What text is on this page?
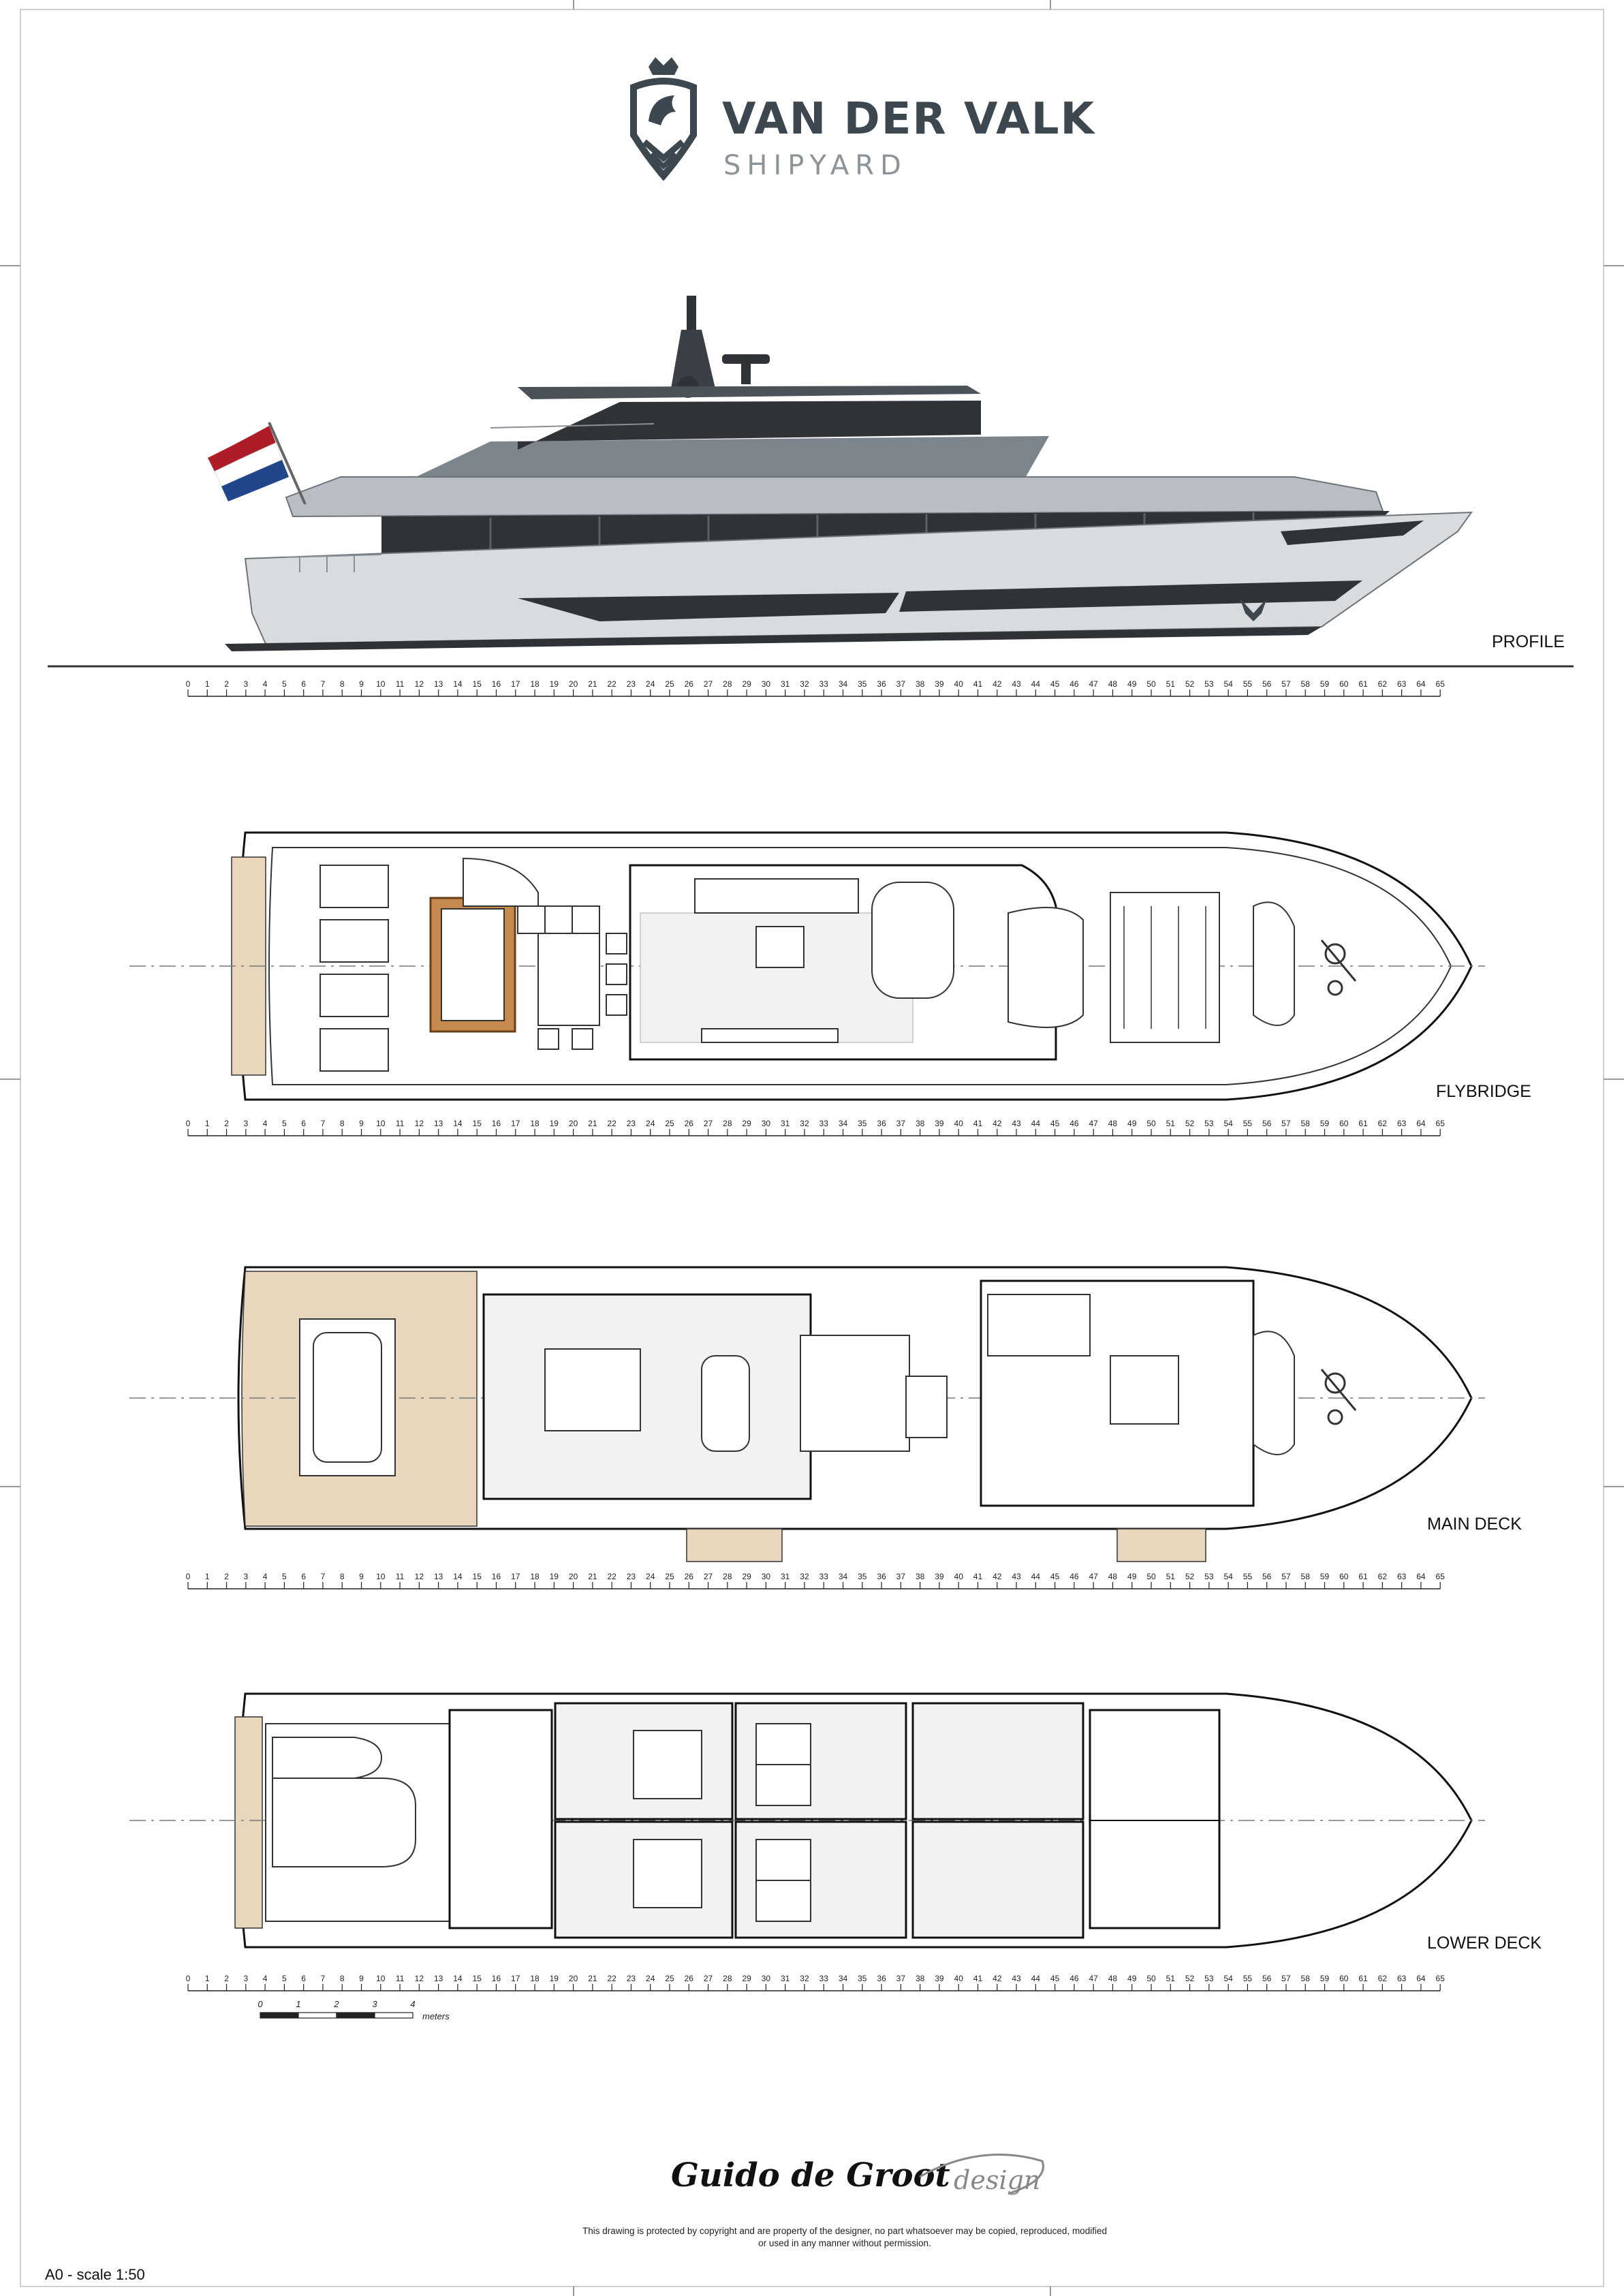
VAN DER VALK
SHIPYARD
PROFILE
FLYBRIDGE
MAIN DECK
LOWER DECK
0 1 2 3 4 5 6 7 8 9 10 11 12 13 14 15 16 17 18 19 20 21 22 23 24 25 26 27 28 29 30 31 32 33 34 35 36 37 38 39 40 41 42 43 44 45 46 47 48 49 50 51 52 53 54 55 56 57 58 59 60 61 62 63 64 65
0 1 2 3 4 5 6 7 8 9 10 11 12 13 14 15 16 17 18 19 20 21 22 23 24 25 26 27 28 29 30 31 32 33 34 35 36 37 38 39 40 41 42 43 44 45 46 47 48 49 50 51 52 53 54 55 56 57 58 59 60 61 62 63 64 65
0 1 2 3 4 5 6 7 8 9 10 11 12 13 14 15 16 17 18 19 20 21 22 23 24 25 26 27 28 29 30 31 32 33 34 35 36 37 38 39 40 41 42 43 44 45 46 47 48 49 50 51 52 53 54 55 56 57 58 59 60 61 62 63 64 65
0 1 2 3 4 5 6 7 8 9 10 11 12 13 14 15 16 17 18 19 20 21 22 23 24 25 26 27 28 29 30 31 32 33 34 35 36 37 38 39 40 41 42 43 44 45 46 47 48 49 50 51 52 53 54 55 56 57 58 59 60 61 62 63 64 65
0	1	2	3	4
meters
Guido de Groot design
This drawing is protected by copyright and are property of the designer, no part whatsoever may be copied, reproduced, modified or used in any manner without permission.
A0 - scale 1:50
